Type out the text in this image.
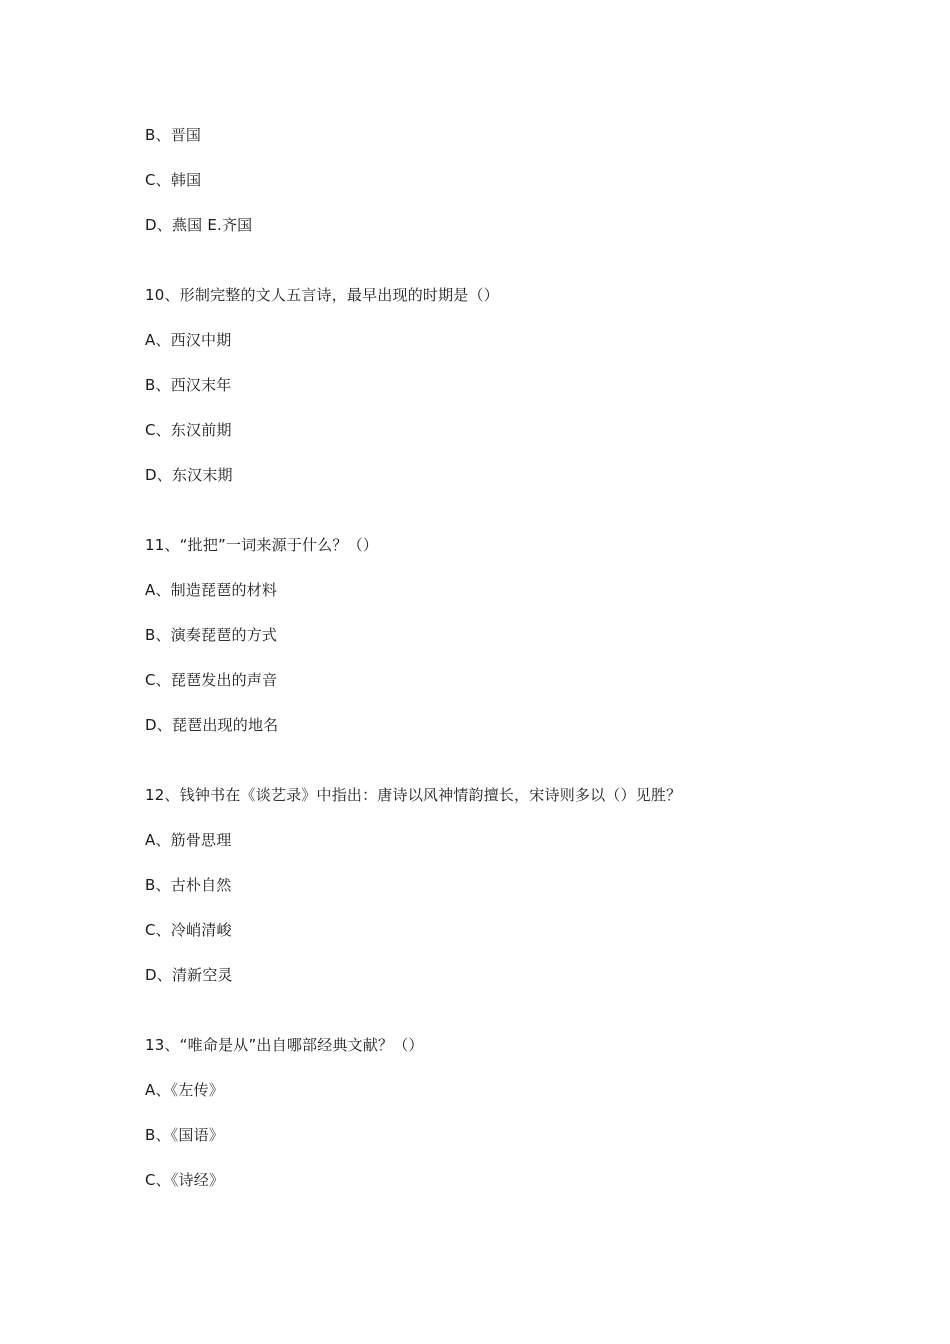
B、晋国
C、韩国
D、燕国 E.齐国
10、形制完整的文人五言诗，最早出现的时期是（）
A、西汉中期
B、西汉末年
C、东汉前期
D、东汉末期
11、“批把”一词来源于什么？（）
A、制造琵琶的材料
B、演奏琵琶的方式
C、琵琶发出的声音
D、琵琶出现的地名
12、钱钟书在《谈艺录》中指出：唐诗以风神情韵擅长，宋诗则多以（）见胜？
A、筋骨思理
B、古朴自然
C、冷峭清峻
D、清新空灵
13、“唯命是从”出自哪部经典文献？（）
A、《左传》
B、《国语》
C、《诗经》
